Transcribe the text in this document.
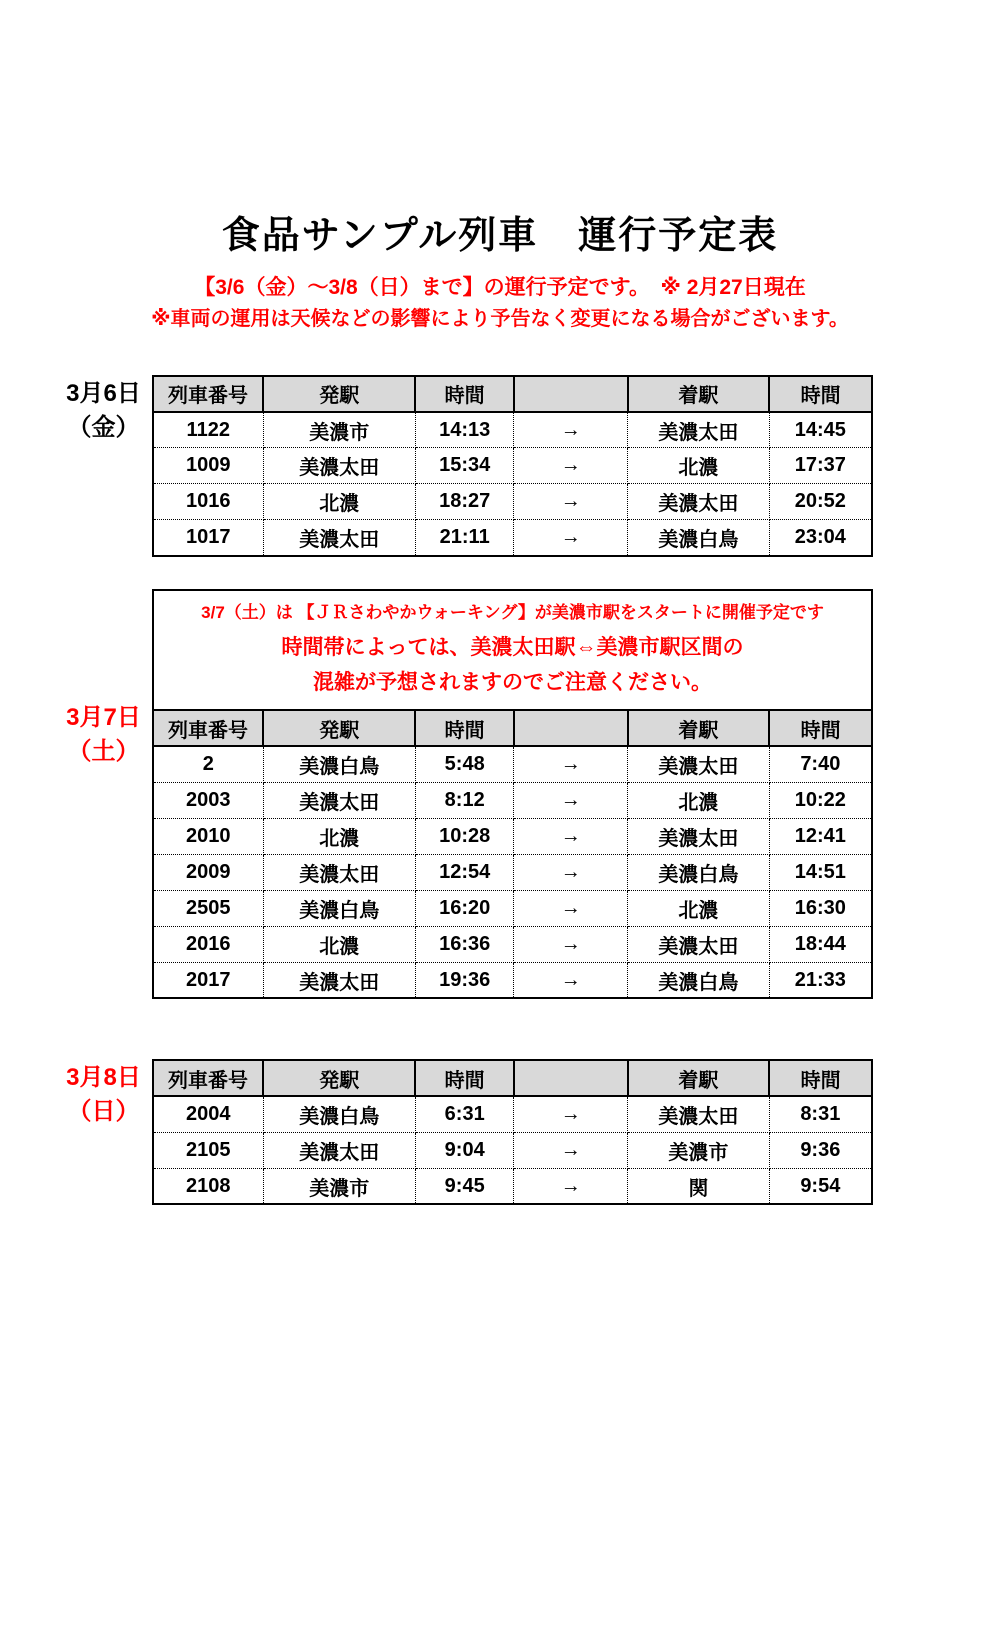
食品サンプル列車　運行予定表
【3/6（金）～3/8（日）まで】の運行予定です。　※ 2月27日現在
※車両の運用は天候などの影響により予告なく変更になる場合がございます。
3月6日
（金）
列車番号	発駅	時間		着駅	時間
1122	美濃市	14:13	→	美濃太田	14:45
1009	美濃太田	15:34	→	北濃	17:37
1016	北濃	18:27	→	美濃太田	20:52
1017	美濃太田	21:11	→	美濃白鳥	23:04
3月7日
（土）
3/7（土）は 【ＪＲさわやかウォーキング】が美濃市駅をスタートに開催予定です
時間帯によっては、美濃太田駅⇔美濃市駅区間の
混雑が予想されますのでご注意ください。
列車番号	発駅	時間		着駅	時間
2	美濃白鳥	5:48	→	美濃太田	7:40
2003	美濃太田	8:12	→	北濃	10:22
2010	北濃	10:28	→	美濃太田	12:41
2009	美濃太田	12:54	→	美濃白鳥	14:51
2505	美濃白鳥	16:20	→	北濃	16:30
2016	北濃	16:36	→	美濃太田	18:44
2017	美濃太田	19:36	→	美濃白鳥	21:33
3月8日
（日）
列車番号	発駅	時間		着駅	時間
2004	美濃白鳥	6:31	→	美濃太田	8:31
2105	美濃太田	9:04	→	美濃市	9:36
2108	美濃市	9:45	→	関	9:54
